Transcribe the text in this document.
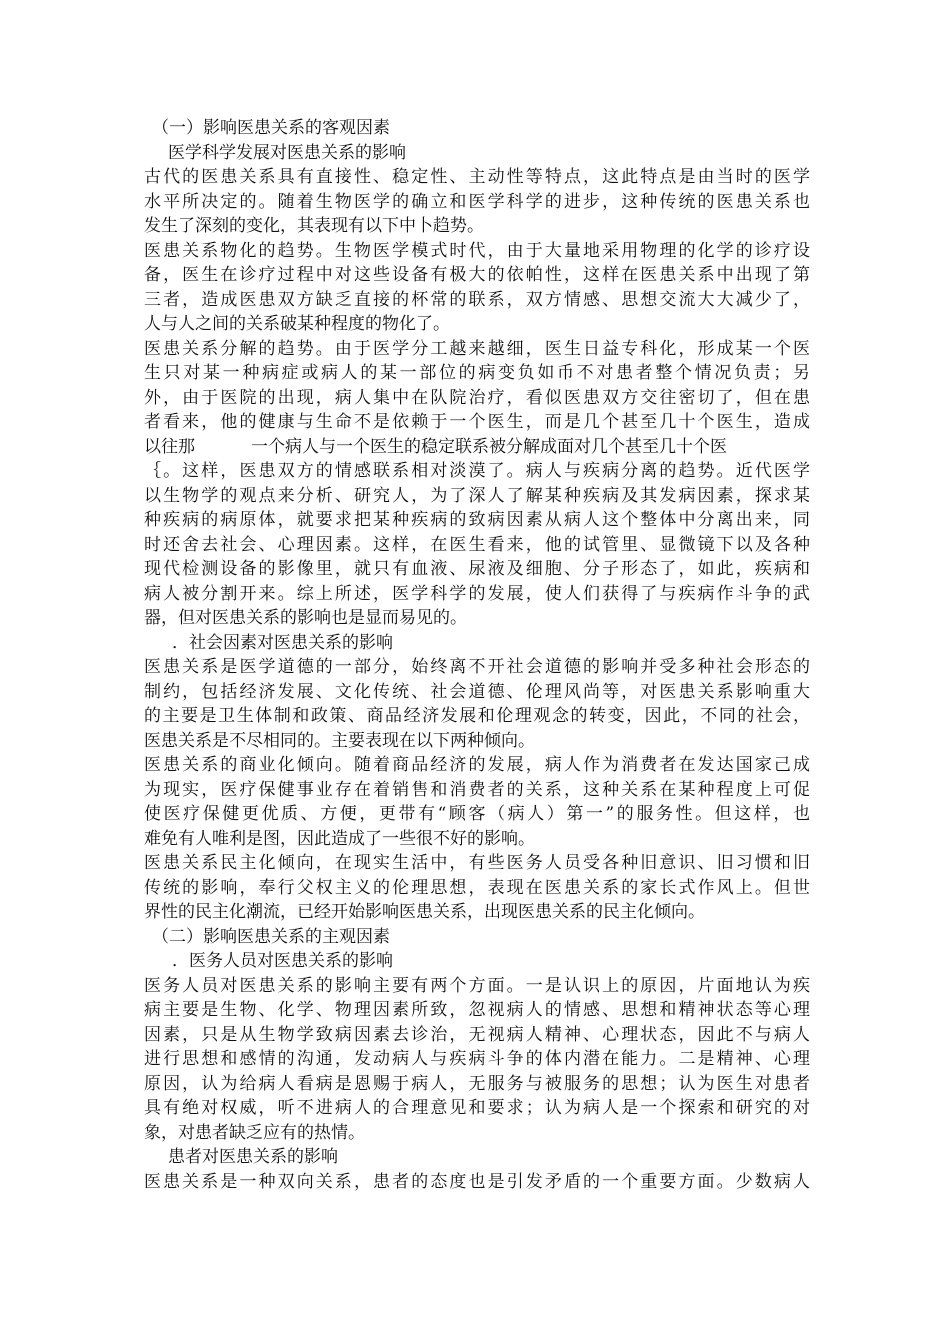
（一）影响医患关系的客观因素
医学科学发展对医患关系的影响
古代的医患关系具有直接性、稳定性、主动性等特点，这此特点是由当时的医学
水平所决定的。随着生物医学的确立和医学科学的进步，这种传统的医患关系也
发生了深刻的变化，其表现有以下中卜趋势。
医患关系物化的趋势。生物医学模式时代，由于大量地采用物理的化学的诊疗设
备，医生在诊疗过程中对这些设备有极大的依帕性，这样在医患关系中出现了第
三者，造成医患双方缺乏直接的杯常的联系，双方情感、思想交流大大减少了，
人与人之间的关系破某种程度的物化了。
医患关系分解的趋势。由于医学分工越来越细，医生日益专科化，形成某一个医
生只对某一种病症或病人的某一部位的病变负如币不对患者整个情况负责；另
外，由于医院的出现，病人集中在队院治疗，看似医患双方交往密切了，但在患
者看来，他的健康与生命不是依赖于一个医生，而是几个甚至几十个医生，造成
以往那	一个病人与一个医生的稳定联系被分解成面对几个甚至几十个医
｛。这样，医患双方的情感联系相对淡漠了。病人与疾病分离的趋势。近代医学
以生物学的观点来分析、研究人，为了深人了解某种疾病及其发病因素，探求某
种疾病的病原体，就要求把某种疾病的致病因素从病人这个整体中分离出来，同
时还舍去社会、心理因素。这样，在医生看来，他的试管里、显微镜下以及各种
现代检测设备的影像里，就只有血液、尿液及细胞、分子形态了，如此，疾病和
病人被分割开来。综上所述，医学科学的发展，使人们获得了与疾病作斗争的武
器，但对医患关系的影响也是显而易见的。
．社会因素对医患关系的影响
医患关系是医学道德的一部分，始终离不开社会道德的影响并受多种社会形态的
制约，包括经济发展、文化传统、社会道德、伦理风尚等，对医患关系影响重大
的主要是卫生体制和政策、商品经济发展和伦理观念的转变，因此，不同的社会，
医患关系是不尽相同的。主要表现在以下两种倾向。
医患关系的商业化倾向。随着商品经济的发展，病人作为消费者在发达国家己成
为现实，医疗保健事业存在着销售和消费者的关系，这种关系在某种程度上可促
使医疗保健更优质、方便，更带有“顾客（病人）第一”的服务性。但这样，也
难免有人唯利是图，因此造成了一些很不好的影响。
医患关系民主化倾向，在现实生活中，有些医务人员受各种旧意识、旧习惯和旧
传统的影响，奉行父权主义的伦理思想，表现在医患关系的家长式作风上。但世
界性的民主化潮流，已经开始影响医患关系，出现医患关系的民主化倾向。
（二）影响医患关系的主观因素
．医务人员对医患关系的影响
医务人员对医患关系的影响主要有两个方面。一是认识上的原因，片面地认为疾
病主要是生物、化学、物理因素所致，忽视病人的情感、思想和精神状态等心理
因素，只是从生物学致病因素去诊治，无视病人精神、心理状态，因此不与病人
进行思想和感情的沟通，发动病人与疾病斗争的体内潜在能力。二是精神、心理
原因，认为给病人看病是恩赐于病人，无服务与被服务的思想；认为医生对患者
具有绝对权威，听不进病人的合理意见和要求；认为病人是一个探索和研究的对
象，对患者缺乏应有的热情。
患者对医患关系的影响
医患关系是一种双向关系，患者的态度也是引发矛盾的一个重要方面。少数病人
